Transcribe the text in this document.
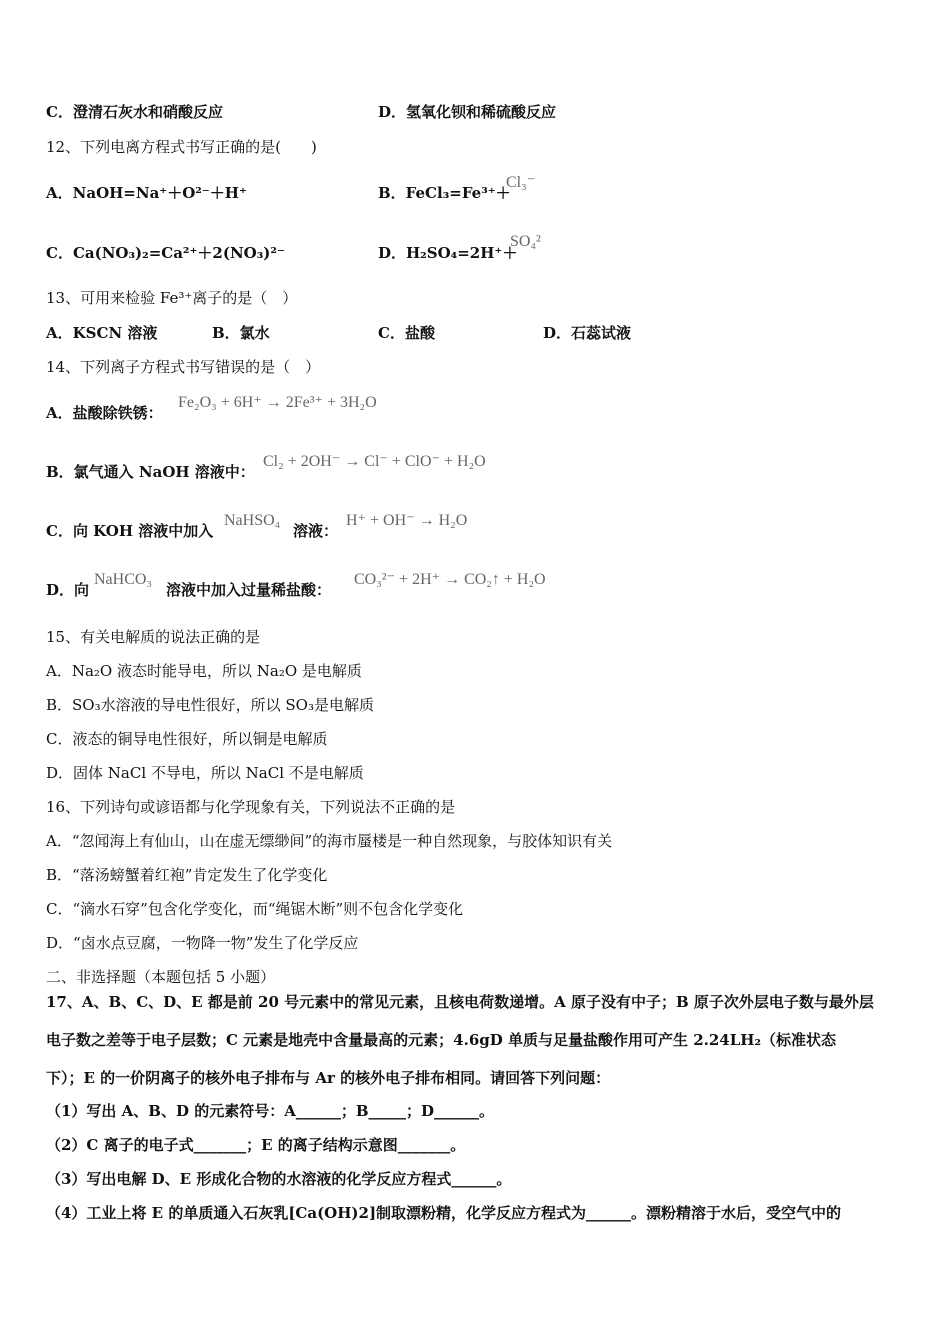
C．澄清石灰水和硝酸反应	D．氢氧化钡和稀硫酸反应
12、下列电离方程式书写正确的是(　　)
A．NaOH=Na⁺＋O²⁻＋H⁺	B．FeCl₃=Fe³⁺＋
Cl₃⁻
C．Ca(NO₃)₂=Ca²⁺＋2(NO₃)²⁻	D．H₂SO₄=2H⁺＋
SO₄²
13、可用来检验 Fe³⁺离子的是（　）
A．KSCN 溶液	B．氯水	C．盐酸	D．石蕊试液
14、下列离子方程式书写错误的是（　）
A．盐酸除铁锈：
Fe₂O₃ + 6H⁺ → 2Fe³⁺ + 3H₂O
B．氯气通入 NaOH 溶液中：
Cl₂ + 2OH⁻ → Cl⁻ + ClO⁻ + H₂O
C．向 KOH 溶液中加入
NaHSO₄
溶液：
H⁺ + OH⁻ → H₂O
D．向
NaHCO₃
溶液中加入过量稀盐酸：
CO₃²⁻ + 2H⁺ → CO₂↑ + H₂O
15、有关电解质的说法正确的是
A．Na₂O 液态时能导电，所以 Na₂O 是电解质
B．SO₃水溶液的导电性很好，所以 SO₃是电解质
C．液态的铜导电性很好，所以铜是电解质
D．固体 NaCl 不导电，所以 NaCl 不是电解质
16、下列诗句或谚语都与化学现象有关，下列说法不正确的是
A．“忽闻海上有仙山，山在虚无缥缈间”的海市蜃楼是一种自然现象，与胶体知识有关
B．“落汤螃蟹着红袍”肯定发生了化学变化
C．“滴水石穿”包含化学变化，而“绳锯木断”则不包含化学变化
D．“卤水点豆腐，一物降一物”发生了化学反应
二、非选择题（本题包括 5 小题）
17、A、B、C、D、E 都是前 20 号元素中的常见元素，且核电荷数递增。A 原子没有中子；B 原子次外层电子数与最外层
电子数之差等于电子层数；C 元素是地壳中含量最高的元素；4.6gD 单质与足量盐酸作用可产生 2.24LH₂（标准状态
下）；E 的一价阴离子的核外电子排布与 Ar 的核外电子排布相同。请回答下列问题：
（1）写出 A、B、D 的元素符号：A______；B_____；D______。
（2）C 离子的电子式_______；E 的离子结构示意图_______。
（3）写出电解 D、E 形成化合物的水溶液的化学反应方程式______。
（4）工业上将 E 的单质通入石灰乳[Ca(OH)2]制取漂粉精，化学反应方程式为______。漂粉精溶于水后，受空气中的
